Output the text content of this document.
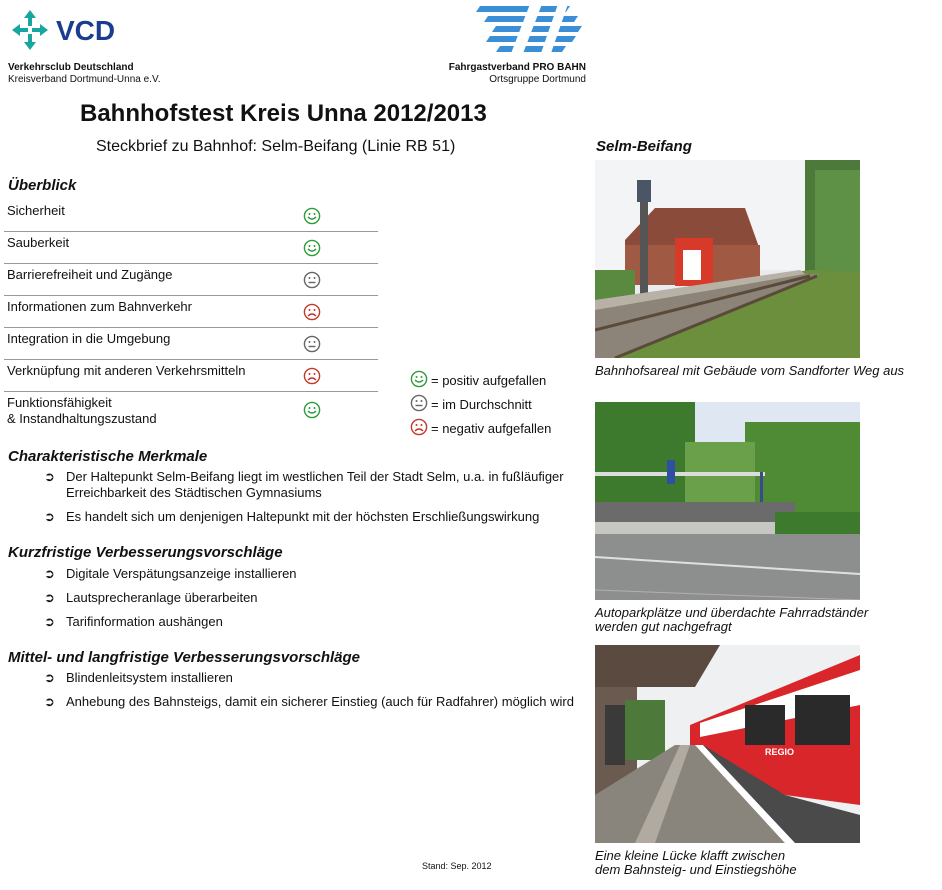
VCD
Verkehrsclub Deutschland
Kreisverband Dortmund-Unna e.V.
Fahrgastverband PRO BAHN
Ortsgruppe Dortmund
Bahnhofstest Kreis Unna 2012/2013
Steckbrief zu Bahnhof: Selm-Beifang (Linie RB 51)
Überblick
Sicherheit
Sauberkeit
Barrierefreiheit und Zugänge
Informationen zum Bahnverkehr
Integration in die Umgebung
Verknüpfung mit anderen Verkehrsmitteln
Funktionsfähigkeit
& Instandhaltungszustand
= positiv aufgefallen
= im Durchschnitt
= negativ aufgefallen
Charakteristische Merkmale
➲ Der Haltepunkt Selm-Beifang liegt im westlichen Teil der Stadt Selm, u.a. in fußläufiger Erreichbarkeit des Städtischen Gymnasiums
➲ Es handelt sich um denjenigen Haltepunkt mit der höchsten Erschließungswirkung
Kurzfristige Verbesserungsvorschläge
➲ Digitale Verspätungsanzeige installieren
➲ Lautsprecheranlage überarbeiten
➲ Tarifinformation aushängen
Mittel- und langfristige Verbesserungsvorschläge
➲ Blindenleitsystem installieren
➲ Anhebung des Bahnsteigs, damit ein sicherer Einstieg (auch für Radfahrer) möglich wird
Stand: Sep. 2012
Selm-Beifang
Bahnhofsareal mit Gebäude vom Sandforter Weg aus
Autoparkplätze und überdachte Fahrradständer
werden gut nachgefragt
REGIO
Eine kleine Lücke klafft zwischen
dem Bahnsteig- und Einstiegshöhe
